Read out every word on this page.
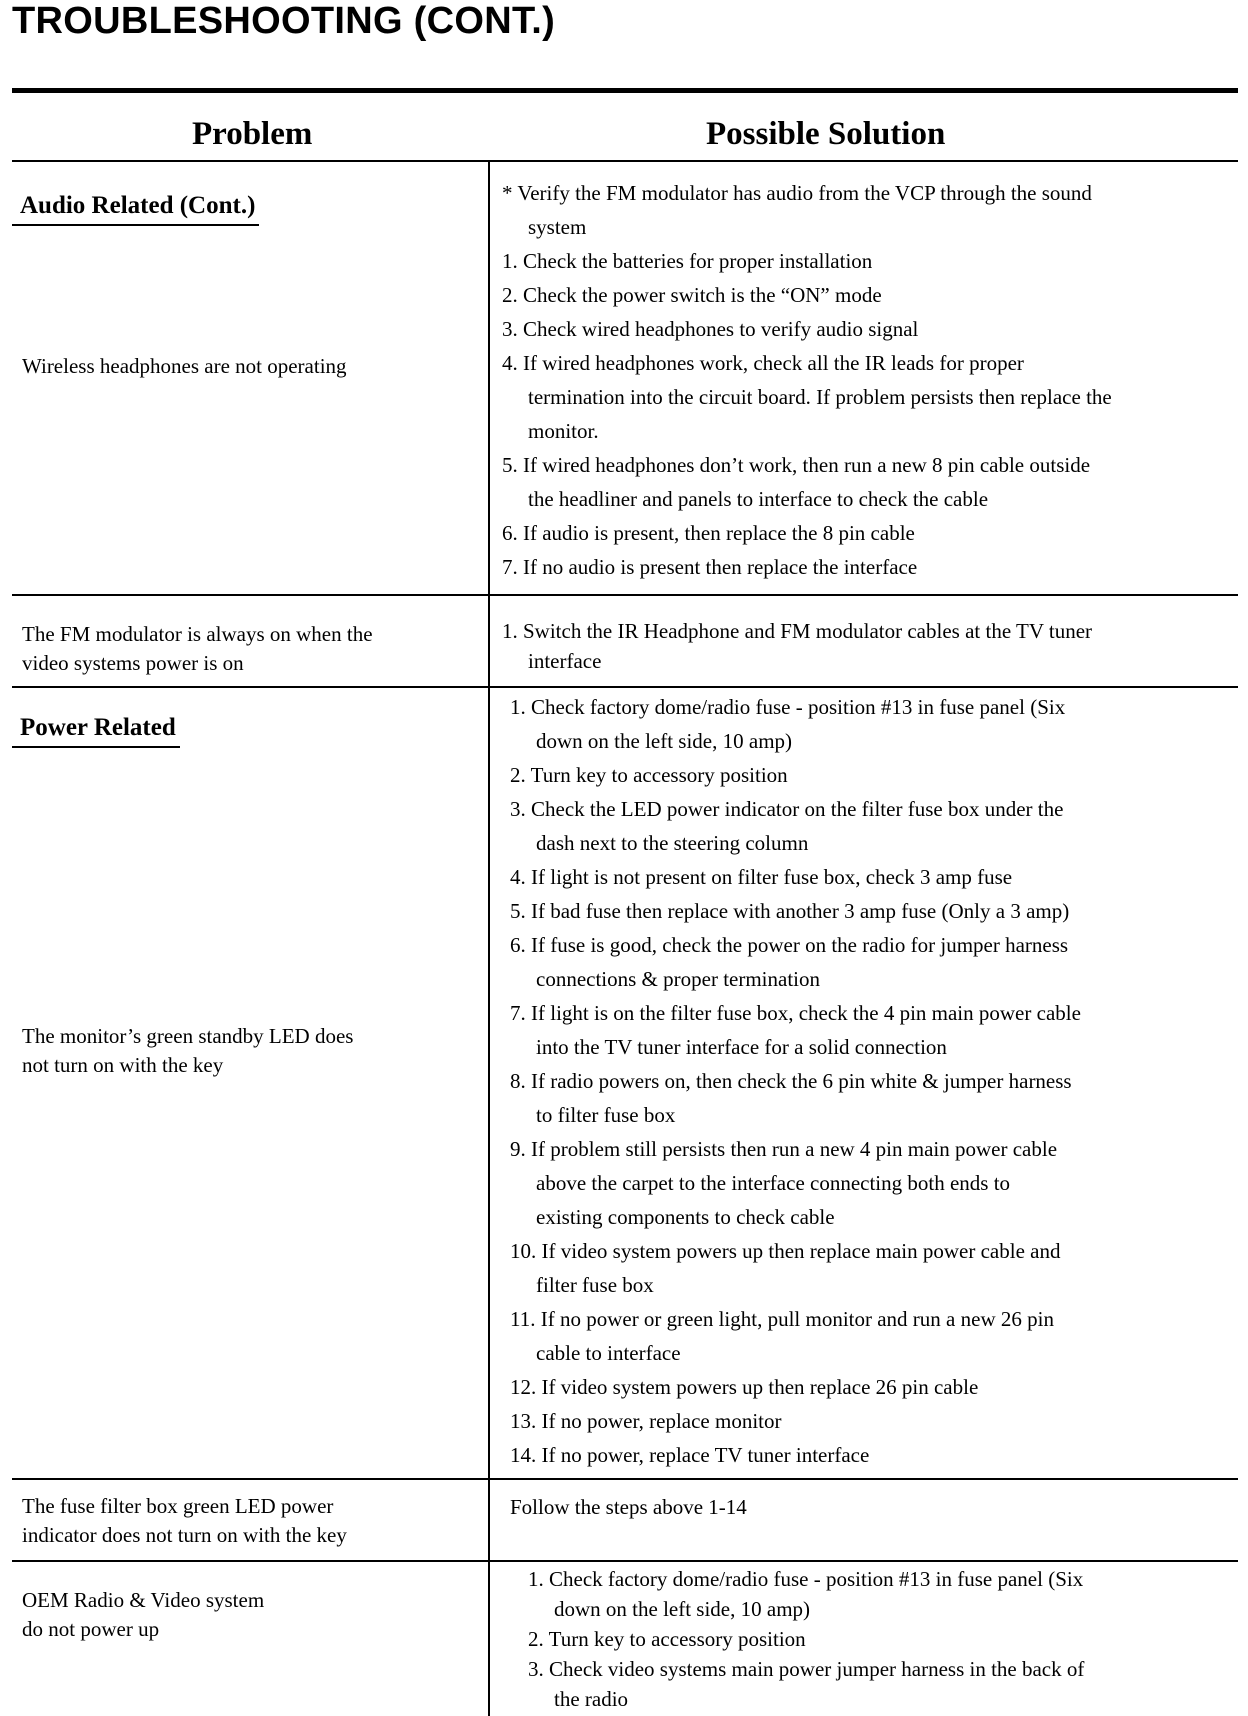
TROUBLESHOOTING (CONT.)
Problem	Possible Solution
Audio Related (Cont.)
Power Related
Wireless headphones are not operating
* Verify the FM modulator has audio from the VCP through the sound
system
1. Check the batteries for proper installation
2. Check the power switch is the “ON” mode
3. Check wired headphones to verify audio signal
4. If wired headphones work, check all the IR leads for proper
termination into the circuit board. If problem persists then replace the
monitor.
5. If wired headphones don’t work, then run a new 8 pin cable outside
the headliner and panels to interface to check the cable
6. If audio is present, then replace the 8 pin cable
7. If no audio is present then replace the interface
The FM modulator is always on when the
video systems power is on
1. Switch the IR Headphone and FM modulator cables at the TV tuner
interface
The monitor’s green standby LED does
not turn on with the key
1. Check factory dome/radio fuse - position #13 in fuse panel (Six
down on the left side, 10 amp)
2. Turn key to accessory position
3. Check the LED power indicator on the filter fuse box under the
dash next to the steering column
4. If light is not present on filter fuse box, check 3 amp fuse
5. If bad fuse then replace with another 3 amp fuse (Only a 3 amp)
6. If fuse is good, check the power on the radio for jumper harness
connections & proper termination
7. If light is on the filter fuse box, check the 4 pin main power cable
into the TV tuner interface for a solid connection
8. If radio powers on, then check the 6 pin white & jumper harness
to filter fuse box
9. If problem still persists then run a new 4 pin main power cable
above the carpet to the interface connecting both ends to
existing components to check cable
10. If video system powers up then replace main power cable and
filter fuse box
11. If no power or green light, pull monitor and run a new 26 pin
cable to interface
12. If video system powers up then replace 26 pin cable
13. If no power, replace monitor
14. If no power, replace TV tuner interface
The fuse filter box green LED power
indicator does not turn on with the key
Follow the steps above 1-14
OEM Radio & Video system
do not power up
1. Check factory dome/radio fuse - position #13 in fuse panel (Six
down on the left side, 10 amp)
2. Turn key to accessory position
3. Check video systems main power jumper harness in the back of
the radio
